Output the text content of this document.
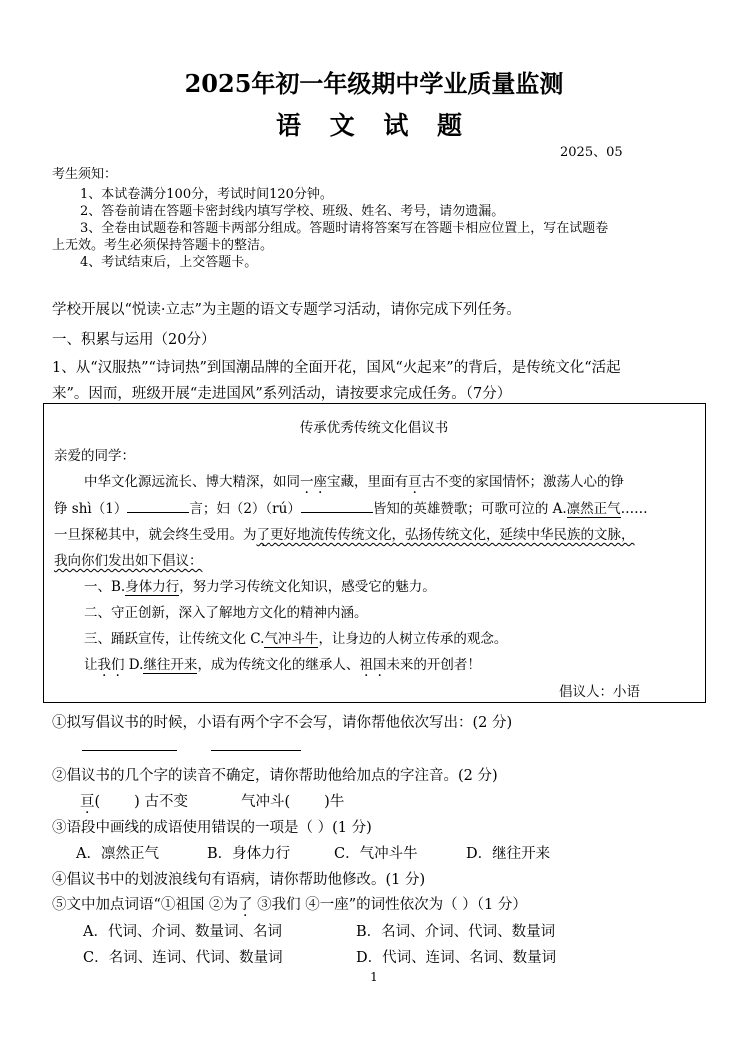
2025年初一年级期中学业质量监测
语 文 试 题
2025、05
考生须知：
1、本试卷满分100分，考试时间120分钟。
2、答卷前请在答题卡密封线内填写学校、班级、姓名、考号，请勿遗漏。
3、全卷由试题卷和答题卡两部分组成。答题时请将答案写在答题卡相应位置上，写在试题卷
上无效。考生必须保持答题卡的整洁。
4、考试结束后，上交答题卡。
学校开展以“悦读·立志”为主题的语文专题学习活动，请你完成下列任务。
一、积累与运用（20分）
1、从“汉服热”“诗词热”到国潮品牌的全面开花，国风“火起来”的背后，是传统文化“活起
来”。因而，班级开展“走进国风”系列活动，请按要求完成任务。（7分）
传承优秀传统文化倡议书
亲爱的同学：
中华文化源远流长、博大精深，如同一座宝藏，里面有亘古不变的家国情怀；激荡人心的铮
铮 shì（1）	言；妇（2）（rú）	皆知的英雄赞歌；可歌可泣的 A.凛然正气……
一旦探秘其中，就会终生受用。为了更好地流传传统文化，弘扬传统文化，延续中华民族的文脉，
我向你们发出如下倡议：
一、B.身体力行，努力学习传统文化知识，感受它的魅力。
二、守正创新，深入了解地方文化的精神内涵。
三、踊跃宣传，让传统文化 C.气冲斗牛，让身边的人树立传承的观念。
让我们 D.继往开来，成为传统文化的继承人、祖国未来的开创者！
倡议人：小语
①拟写倡议书的时候，小语有两个字不会写，请你帮他依次写出：(2 分)
②倡议书的几个字的读音不确定，请你帮助他给加点的字注音。(2 分)
亘( ) 古不变	气冲斗( )牛
③语段中画线的成语使用错误的一项是（ ）(1 分)
A．凛然正气	B．身体力行	C．气冲斗牛	D．继往开来
④倡议书中的划波浪线句有语病，请你帮助他修改。(1 分)
⑤文中加点词语“①祖国 ②为了 ③我们 ④一座”的词性依次为（ ）（1 分）
A．代词、介词、数量词、名词	B．名词、介词、代词、数量词
C．名词、连词、代词、数量词	D．代词、连词、名词、数量词
1
